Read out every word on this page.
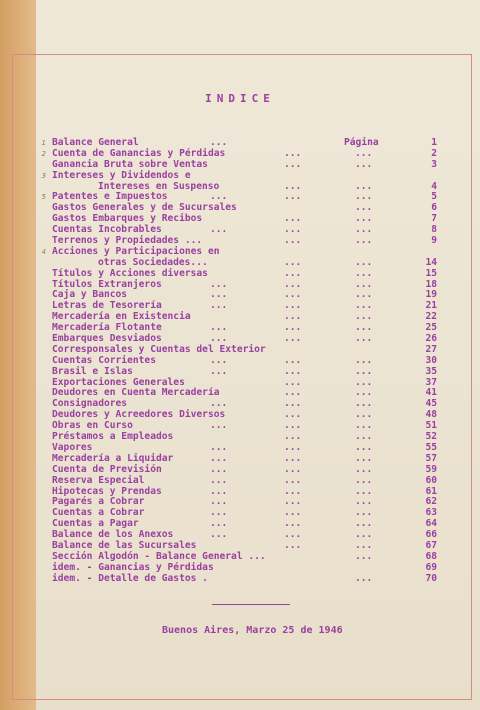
INDICE
1 Balance General	...	Página	1
2 Cuenta de Ganancias y Pérdidas	...	...	2
Ganancia Bruta sobre Ventas	...	...	3
3 Intereses y Dividendos e
Intereses en Suspenso	...	...	4
5 Patentes e Impuestos	...	...	...	5
Gastos Generales y de Sucursales	...	6
Gastos Embarques y Recibos	...	...	7
Cuentas Incobrables	...	...	...	8
Terrenos y Propiedades ...	...	...	9
4 Acciones y Participaciones en
otras Sociedades...	...	...	14
Títulos y Acciones diversas	...	...	15
Títulos Extranjeros	...	...	...	18
Caja y Bancos	...	...	...	19
Letras de Tesorería	...	...	...	21
Mercadería en Existencia	...	...	22
Mercadería Flotante	...	...	...	25
Embarques Desviados	...	...	...	26
Corresponsales y Cuentas del Exterior	27
Cuentas Corrientes	...	...	...	30
Brasil e Islas	...	...	...	35
Exportaciones Generales	...	...	37
Deudores en Cuenta Mercadería	...	...	41
Consignadores	...	...	...	45
Deudores y Acreedores Diversos	...	...	48
Obras en Curso	...	...	...	51
Préstamos a Empleados	...	...	52
Vapores	...	...	...	55
Mercadería a Liquidar	...	...	...	57
Cuenta de Previsión	...	...	...	59
Reserva Especial	...	...	...	60
Hipotecas y Prendas	...	...	...	61
Pagarés a Cobrar	...	...	...	62
Cuentas a Cobrar	...	...	...	63
Cuentas a Pagar	...	...	...	64
Balance de los Anexos	...	...	...	66
Balance de las Sucursales	...	...	67
Sección Algodón - Balance General ...	...	68
idem. - Ganancias y Pérdidas	69
idem. - Detalle de Gastos .	...	70
Buenos Aires, Marzo 25 de 1946
